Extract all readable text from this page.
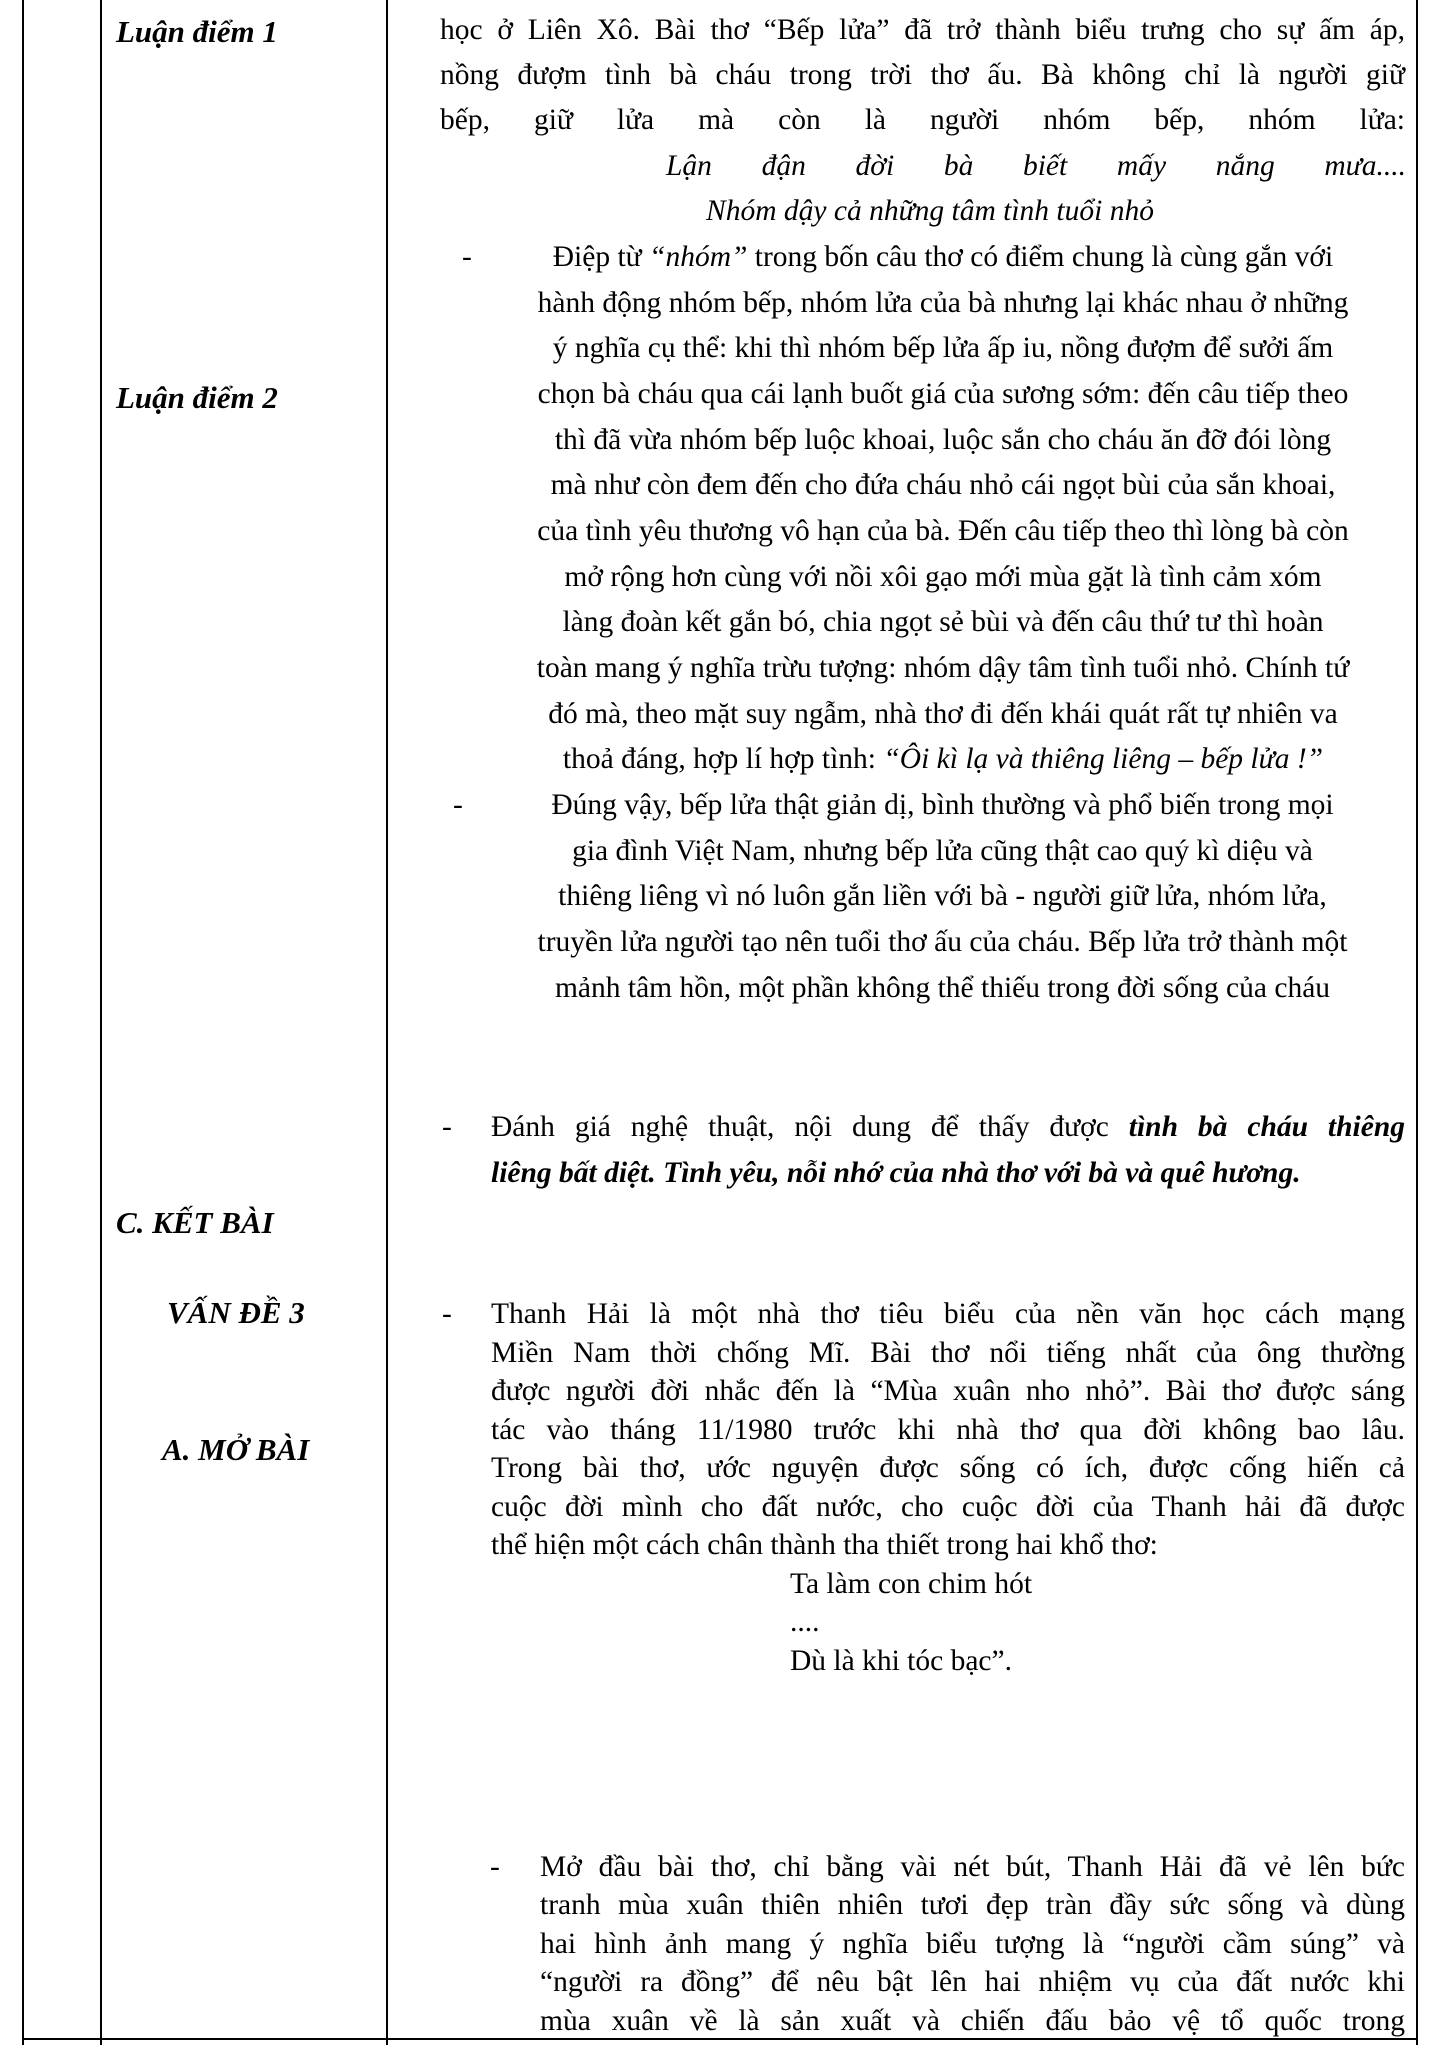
Luận điểm 1
Luận điểm 2
C. KẾT BÀI
VẤN ĐỀ 3
A. MỞ BÀI
học ở Liên Xô. Bài thơ “Bếp lửa” đã trở thành biểu trưng cho sự ấm áp,
nồng đượm tình bà cháu trong trời thơ ấu. Bà không chỉ là người giữ
bếp, giữ lửa mà còn là người nhóm bếp, nhóm lửa:
Lận đận đời bà biết mấy nắng mưa....
Nhóm dậy cả những tâm tình tuổi nhỏ
-	Điệp từ “nhóm” trong bốn câu thơ có điểm chung là cùng gắn với
hành động nhóm bếp, nhóm lửa của bà nhưng lại khác nhau ở những
ý nghĩa cụ thể: khi thì nhóm bếp lửa ấp iu, nồng đượm để sưởi ấm
chọn bà cháu qua cái lạnh buốt giá của sương sớm: đến câu tiếp theo
thì đã vừa nhóm bếp luộc khoai, luộc sắn cho cháu ăn đỡ đói lòng
mà như còn đem đến cho đứa cháu nhỏ cái ngọt bùi của sắn khoai,
của tình yêu thương vô hạn của bà. Đến câu tiếp theo thì lòng bà còn
mở rộng hơn cùng với nồi xôi gạo mới mùa gặt là tình cảm xóm
làng đoàn kết gắn bó, chia ngọt sẻ bùi và đến câu thứ tư thì hoàn
toàn mang ý nghĩa trừu tượng: nhóm dậy tâm tình tuổi nhỏ. Chính tứ
đó mà, theo mặt suy ngẫm, nhà thơ đi đến khái quát rất tự nhiên va
thoả đáng, hợp lí hợp tình: “Ôi kì lạ và thiêng liêng – bếp lửa !”
-	Đúng vậy, bếp lửa thật giản dị, bình thường và phổ biến trong mọi
gia đình Việt Nam, nhưng bếp lửa cũng thật cao quý kì diệu và
thiêng liêng vì nó luôn gắn liền với bà - người giữ lửa, nhóm lửa,
truyền lửa người tạo nên tuổi thơ ấu của cháu. Bếp lửa trở thành một
mảnh tâm hồn, một phần không thể thiếu trong đời sống của cháu
- Đánh giá nghệ thuật, nội dung để thấy được tình bà cháu thiêng
liêng bất diệt. Tình yêu, nỗi nhớ của nhà thơ với bà và quê hương.
- Thanh Hải là một nhà thơ tiêu biểu của nền văn học cách mạng
Miền Nam thời chống Mĩ. Bài thơ nổi tiếng nhất của ông thường
được người đời nhắc đến là “Mùa xuân nho nhỏ”. Bài thơ được sáng
tác vào tháng 11/1980 trước khi nhà thơ qua đời không bao lâu.
Trong bài thơ, ước nguyện được sống có ích, được cống hiến cả
cuộc đời mình cho đất nước, cho cuộc đời của Thanh hải đã được
thể hiện một cách chân thành tha thiết trong hai khổ thơ:
Ta làm con chim hót
....
Dù là khi tóc bạc”.
- Mở đầu bài thơ, chỉ bằng vài nét bút, Thanh Hải đã vẻ lên bức
tranh mùa xuân thiên nhiên tươi đẹp tràn đầy sức sống và dùng
hai hình ảnh mang ý nghĩa biểu tượng là “người cầm súng” và
“người ra đồng” để nêu bật lên hai nhiệm vụ của đất nước khi
mùa xuân về là sản xuất và chiến đấu bảo vệ tổ quốc trong
